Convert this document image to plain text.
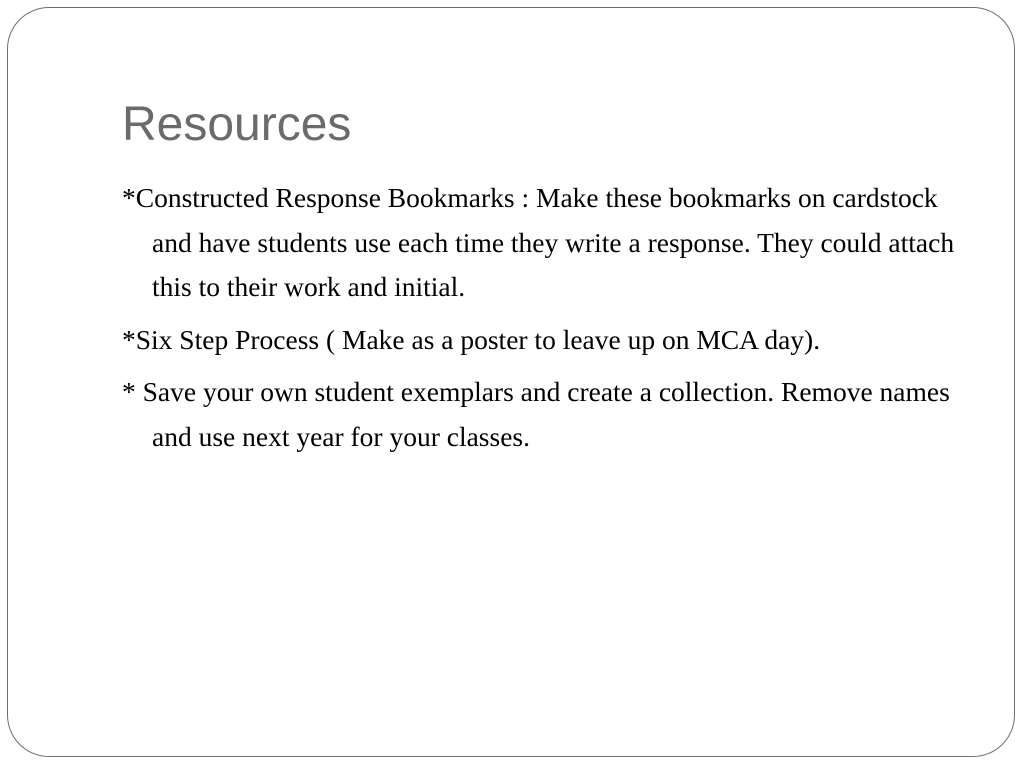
Resources
*Constructed Response Bookmarks : Make these bookmarks on cardstock and have students use each time they write a response. They could attach this to their work and initial.
*Six Step Process ( Make as a poster to leave up on MCA day).
* Save your own student exemplars and create a collection. Remove names and use next year for your classes.
